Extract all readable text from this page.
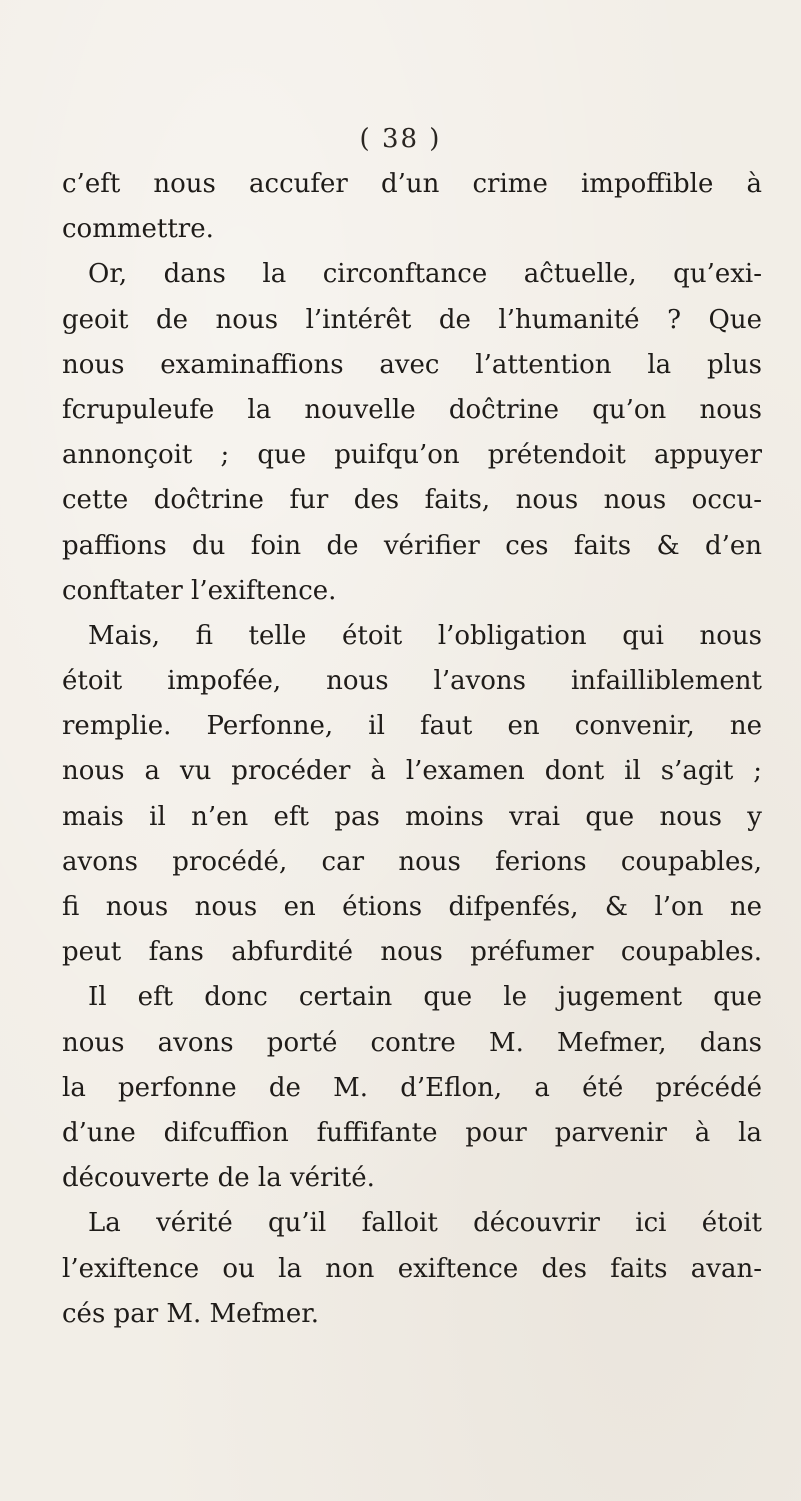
( 38 )
c’eft nous accufer d’un crime impoffible à
commettre.
Or, dans la circonftance aĉtuelle, qu’exi-
geoit de nous l’intérêt de l’humanité ? Que
nous examinaffions avec l’attention la plus
fcrupuleufe la nouvelle doĉtrine qu’on nous
annonçoit ; que puifqu’on prétendoit appuyer
cette doĉtrine fur des faits, nous nous occu-
paffions du foin de vérifier ces faits & d’en
conftater l’exiftence.
Mais, fi telle étoit l’obligation qui nous
étoit impofée, nous l’avons infailliblement
remplie. Perfonne, il faut en convenir, ne
nous a vu procéder à l’examen dont il s’agit ;
mais il n’en eft pas moins vrai que nous y
avons procédé, car nous ferions coupables,
fi nous nous en étions difpenfés, & l’on ne
peut fans abfurdité nous préfumer coupables.
Il eft donc certain que le jugement que
nous avons porté contre M. Mefmer, dans
la perfonne de M. d’Eflon, a été précédé
d’une difcuffion fuffifante pour parvenir à la
découverte de la vérité.
La vérité qu’il falloit découvrir ici étoit
l’exiftence ou la non exiftence des faits avan-
cés par M. Mefmer.
